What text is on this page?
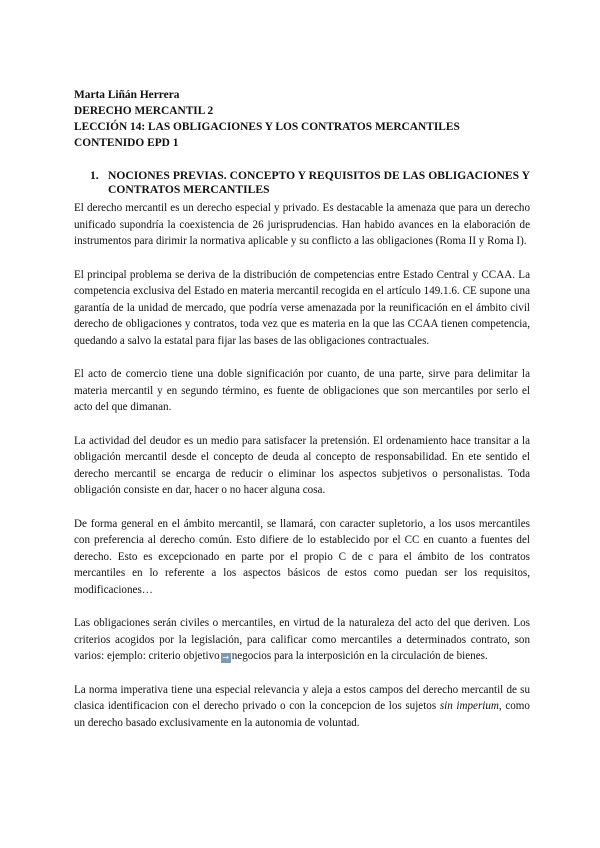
Marta Liñán Herrera
DERECHO MERCANTIL 2
LECCIÓN 14: LAS OBLIGACIONES Y LOS CONTRATOS MERCANTILES
CONTENIDO EPD 1
1. NOCIONES PREVIAS. CONCEPTO Y REQUISITOS DE LAS OBLIGACIONES Y CONTRATOS MERCANTILES

El derecho mercantil es un derecho especial y privado. Es destacable la amenaza que para un derecho unificado supondría la coexistencia de 26 jurisprudencias. Han habido avances en la elaboración de instrumentos para dirimir la normativa aplicable y su conflicto a las obligaciones (Roma II y Roma I).

El principal problema se deriva de la distribución de competencias entre Estado Central y CCAA. La competencia exclusiva del Estado en materia mercantil recogida en el artículo 149.1.6. CE supone una garantía de la unidad de mercado, que podría verse amenazada por la reunificación en el ámbito civil derecho de obligaciones y contratos, toda vez que es materia en la que las CCAA tienen competencia, quedando a salvo la estatal para fijar las bases de las obligaciones contractuales.

El acto de comercio tiene una doble significación por cuanto, de una parte, sirve para delimitar la materia mercantil y en segundo término, es fuente de obligaciones que son mercantiles por serlo el acto del que dimanan.

La actividad del deudor es un medio para satisfacer la pretensión. El ordenamiento hace transitar a la obligación mercantil desde el concepto de deuda al concepto de responsabilidad. En ete sentido el derecho mercantil se encarga de reducir o eliminar los aspectos subjetivos o personalistas. Toda obligación consiste en dar, hacer o no hacer alguna cosa.

De forma general en el ámbito mercantil, se llamará, con caracter supletorio, a los usos mercantiles con preferencia al derecho común. Esto difiere de lo establecido por el CC en cuanto a fuentes del derecho. Esto es excepcionado en parte por el propio C de c para el ámbito de los contratos mercantiles en lo referente a los aspectos básicos de estos como puedan ser los requisitos, modificaciones…

Las obligaciones serán civiles o mercantiles, en virtud de la naturaleza del acto del que deriven. Los criterios acogidos por la legislación, para calificar como mercantiles a determinados contrato, son varios: ejemplo: criterio objetivo → negocios para la interposición en la circulación de bienes.

La norma imperativa tiene una especial relevancia y aleja a estos campos del derecho mercantil de su clasica identificacion con el derecho privado o con la concepcion de los sujetos sin imperium, como un derecho basado exclusivamente en la autonomia de voluntad.
